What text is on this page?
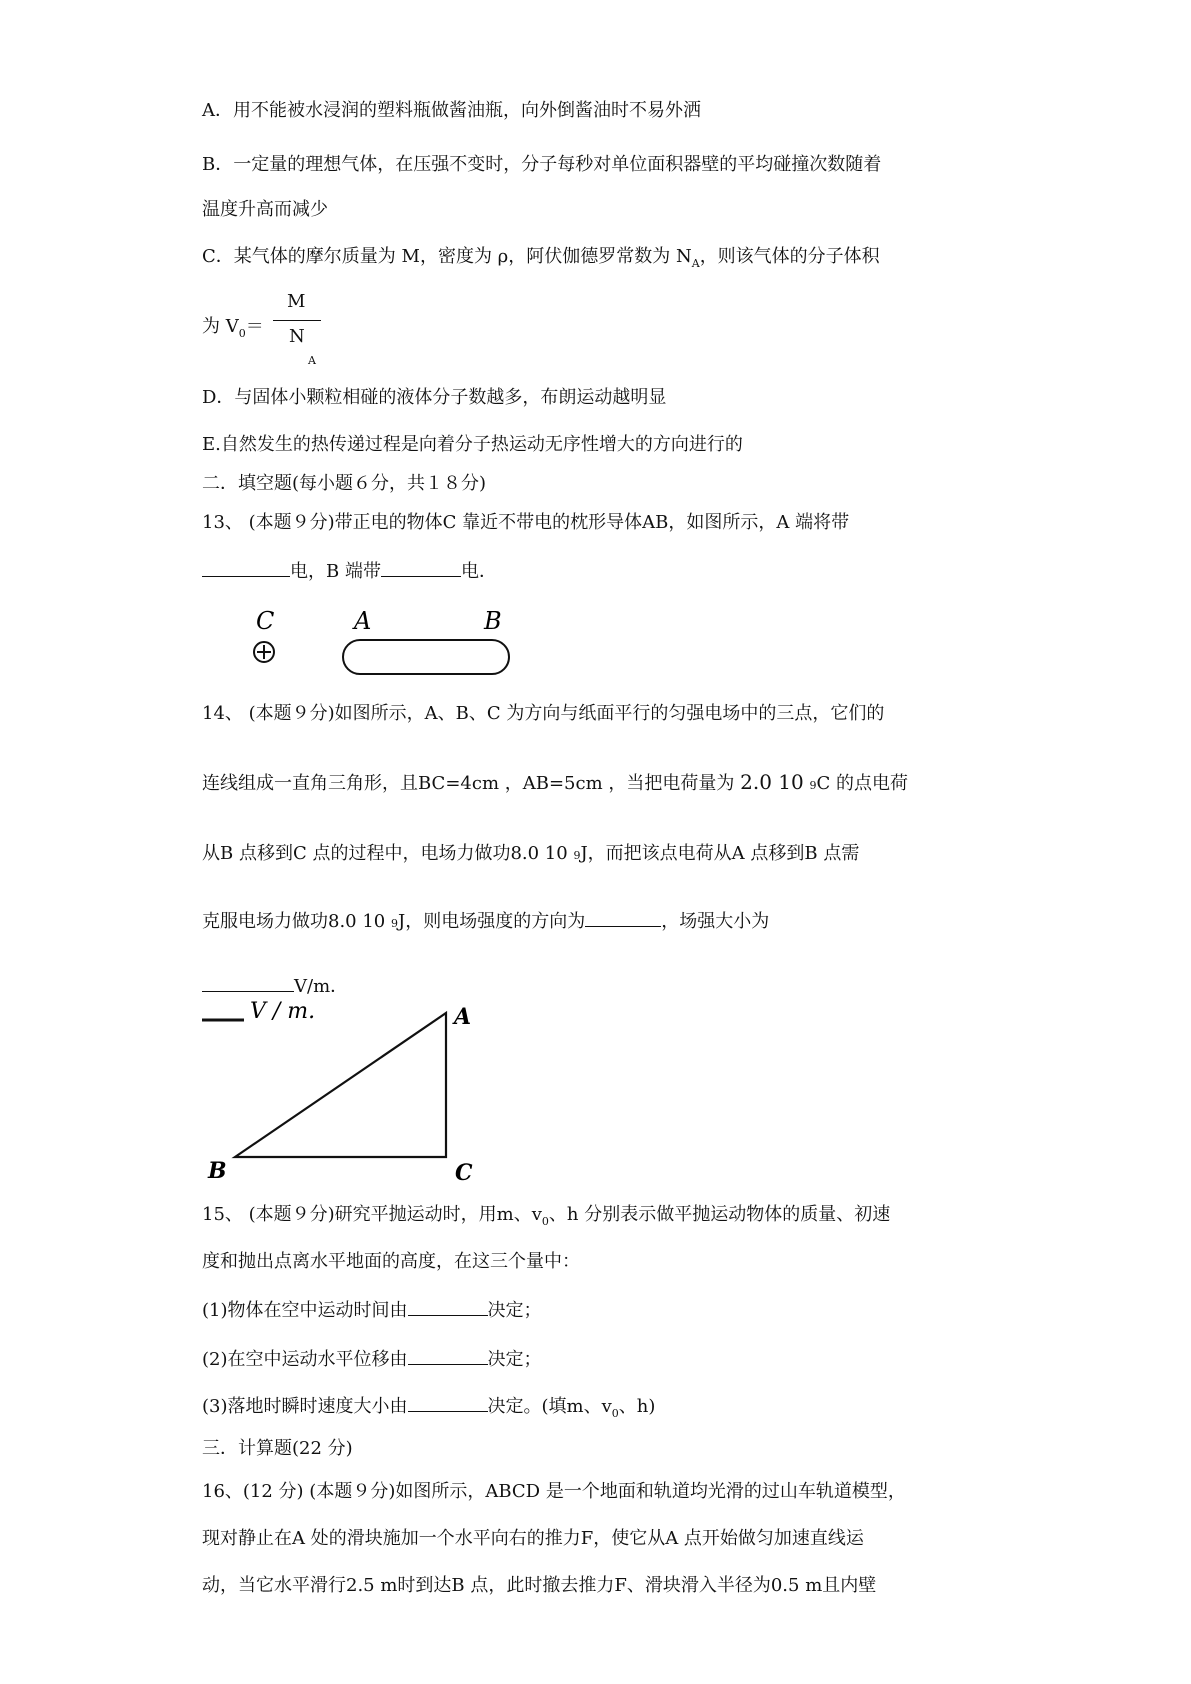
A．用不能被水浸润的塑料瓶做酱油瓶，向外倒酱油时不易外洒
B．一定量的理想气体，在压强不变时，分子每秒对单位面积器壁的平均碰撞次数随着
温度升高而减少
C．某气体的摩尔质量为 M，密度为 ρ，阿伏伽德罗常数为 $N_A$，则该气体的分子体积
为 $V_0=$
M
N
A
D．与固体小颗粒相碰的液体分子数越多，布朗运动越明显
E.自然发生的热传递过程是向着分子热运动无序性增大的方向进行的
二．填空题(每小题６分，共１８分)
13、 (本题９分)带正电的物体C 靠近不带电的枕形导体AB，如图所示，A 端将带
电，B 端带	电．
C	A	B
14、 (本题９分)如图所示，A、B、C 为方向与纸面平行的匀强电场中的三点，它们的
连线组成一直角三角形，且BC=4cm ，AB=5cm ，当把电荷量为 2.0 10 9C 的点电荷
从B 点移到C 点的过程中，电场力做功8.0 10 9J，而把该点电荷从A 点移到B 点需
克服电场力做功8.0 10 9J，则电场强度的方向为	，场强大小为
V/m．
V / m.	A
B	C
15、 (本题９分)研究平抛运动时，用m、$v_0$、h 分别表示做平抛运动物体的质量、初速
度和抛出点离水平地面的高度，在这三个量中：
(1)物体在空中运动时间由	决定；
(2)在空中运动水平位移由	决定；
(3)落地时瞬时速度大小由	决定。(填m、$v_0$、h)
三．计算题(22 分)
16、(12 分) (本题９分)如图所示，ABCD 是一个地面和轨道均光滑的过山车轨道模型，
现对静止在A 处的滑块施加一个水平向右的推力F，使它从A 点开始做匀加速直线运
动，当它水平滑行2.5 m时到达B 点，此时撤去推力F、滑块滑入半径为0.5 m且内壁
